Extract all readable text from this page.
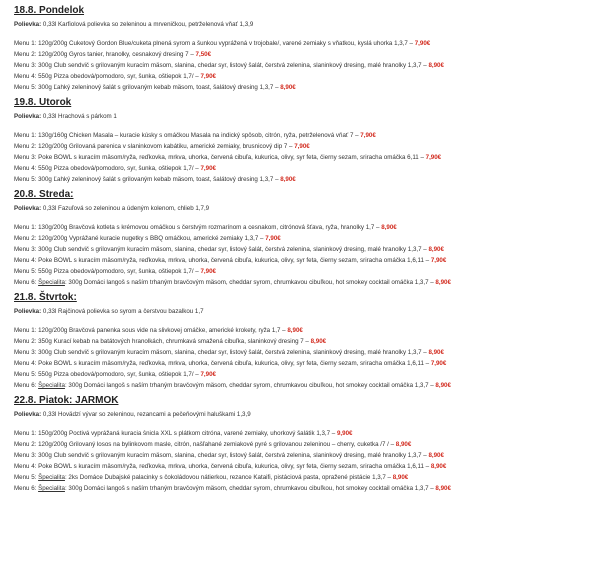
18.8. Pondelok
Polievka: 0,33l Karfiolová polievka so zeleninou a mrveničkou, petrželenová vňať 1,3,9
Menu 1: 120g/200g Cuketový Gordon Blue/cuketa plnená syrom a šunkou vyprážená v trojobale/, varené zemiaky s vňatkou, kyslá uhorka 1,3,7 – 7,90€
Menu 2: 120g/200g Gyros tanier, hranolky, cesnakový dresing 7 – 7,50€
Menu 3: 300g Club sendvič s grilovaným kuracím mäsom, slanina, chedar syr, listový šalát, čerstvá zelenina, slaninkový dresing, malé hranolky 1,3,7 – 8,90€
Menu 4: 550g Pizza obedová/pomodoro, syr, šunka, oštiepok 1,7/ – 7,90€
Menu 5: 300g Ľahký zeleninový šalát s grilovaným kebab mäsom, toast, šalátový dresing 1,3,7 – 8,90€
19.8. Utorok
Polievka: 0,33l Hrachová s párkom 1
Menu 1: 130g/160g Chicken Masala – kuracie kúsky s omáčkou Masala na indický spôsob, citrón, ryža, petrželenová vňať 7 – 7,90€
Menu 2: 120g/200g Grilovaná parenica v slaninkovom kabátiku, americké zemiaky, brusnicový dip 7 – 7,90€
Menu 3: Poke BOWL s kuracím mäsom/ryža, reďkovka, mrkva, uhorka, červená cibuľa, kukurica, olivy, syr feta, čierny sezam, sriracha omáčka 6,11 – 7,90€
Menu 4: 550g Pizza obedová/pomodoro, syr, šunka, oštiepok 1,7/ – 7,90€
Menu 5: 300g Ľahký zeleninový šalát s grilovaným kebab mäsom, toast, šalátový dresing 1,3,7 – 8,90€
20.8. Streda:
Polievka: 0,33l Fazuľová so zeleninou a údeným kolenom, chlieb 1,7,9
Menu 1: 130g/200g Bravčová kotleta s krémovou omáčkou s čerstvým rozmarínom a cesnakom, citrónová šťava, ryža, hranolky 1,7 – 8,90€
Menu 2: 120g/200g Vyprážané kuracie nugetky s BBQ omáčkou, americké zemiaky 1,3,7 – 7,90€
Menu 3: 300g Club sendvič s grilovaným kuracím mäsom, slanina, chedar syr, listový šalát, čerstvá zelenina, slaninkový dresing, malé hranolky 1,3,7 – 8,90€
Menu 4: Poke BOWL s kuracím mäsom/ryža, reďkovka, mrkva, uhorka, červená cibuľa, kukurica, olivy, syr feta, čierny sezam, sriracha omáčka 1,6,11 – 7,90€
Menu 5: 550g Pizza obedová/pomodoro, syr, šunka, oštiepok 1,7/ – 7,90€
Menu 6: Špecialita: 300g Domáci langoš s naším trhaným bravčovým mäsom, cheddar syrom, chrumkavou cibuľkou, hot smokey cocktail omáčka 1,3,7 – 8,90€
21.8. Štvrtok:
Polievka: 0,33l Rajčinová polievka so syrom a čerstvou bazalkou 1,7
Menu 1: 120g/200g Bravčová panenka sous vide na slivkovej omáčke, americké krokety, ryža 1,7 – 8,90€
Menu 2: 350g Kurací kebab na batátových hranolkách, chrumkavá smažená cibuľka, slaninkový dresing 7 – 8,90€
Menu 3: 300g Club sendvič s grilovaným kuracím mäsom, slanina, chedar syr, listový šalát, čerstvá zelenina, slaninkový dresing, malé hranolky 1,3,7 – 8,90€
Menu 4: Poke BOWL s kuracím mäsom/ryža, reďkovka, mrkva, uhorka, červená cibuľa, kukurica, olivy, syr feta, čierny sezam, sriracha omáčka 1,6,11 – 7,90€
Menu 5: 550g Pizza obedová/pomodoro, syr, šunka, oštiepok 1,7/ – 7,90€
Menu 6: Špecialita: 300g Domáci langoš s naším trhaným bravčovým mäsom, cheddar syrom, chrumkavou cibuľkou, hot smokey cocktail omáčka 1,3,7 – 8,90€
22.8. Piatok: JARMOK
Polievka: 0,33l Hovädzí vývar so zeleninou, rezancami a pečeňovými haluškami 1,3,9
Menu 1: 150g/200g Poctivá vyprážaná kuracia ŝnicla XXL s plátkom citróna, varené zemiaky, uhorkový šalátik 1,3,7 – 9,90€
Menu 2: 120g/200g Grilovaný losos na bylinkovom masle, citrón, našľahané zemiakové pyré s grilovanou zeleninou – cherry, cuketka /7 / – 8,90€
Menu 3: 300g Club sendvič s grilovaným kuracím mäsom, slanina, chedar syr, listový šalát, čerstvá zelenina, slaninkový dresing, malé hranolky 1,3,7 – 8,90€
Menu 4: Poke BOWL s kuracím mäsom/ryža, reďkovka, mrkva, uhorka, červená cibuľa, kukurica, olivy, syr feta, čierny sezam, sriracha omáčka 1,6,11 – 8,90€
Menu 5: Špecialita: 2ks Domáce Dubajské palacinky s čokoládovou nátierkou, rezance Kataifi, pistáciová pasta, opražené pistácie 1,3,7 – 8,90€
Menu 6: Špecialita: 300g Domáci langoš s naším trhaným bravčovým mäsom, cheddar syrom, chrumkavou cibuľkou, hot smokey cocktail omáčka 1,3,7 – 8,90€
